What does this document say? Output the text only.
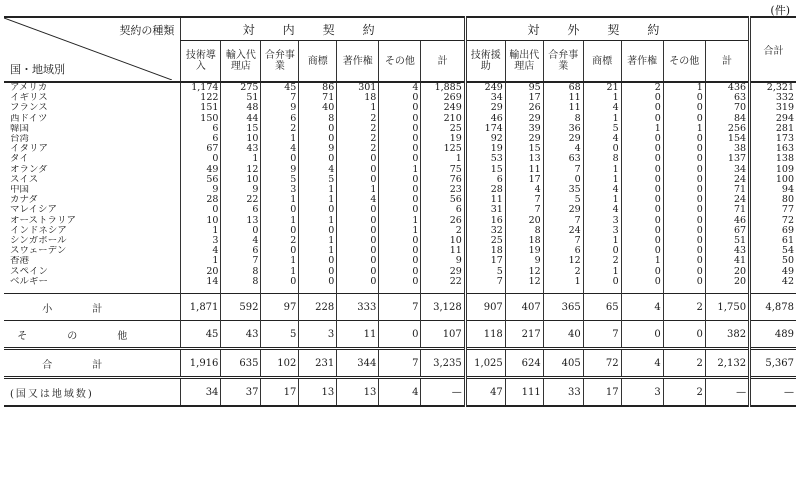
(件)
契約の種類
国・地域別	対内契約							対外契約							合計
	技術導入	輸入代理店	合弁事業	商標	著作権	その他	計	技術援助	輸出代理店	合弁事業	商標	著作権	その他	計	
アメリカ	1,174	275	45	86	301	4	1,885	249	95	68	21	2	1	436	2,321
イギリス	122	51	7	71	18	0	269	34	17	11	1	0	0	63	332
フランス	151	48	9	40	1	0	249	29	26	11	4	0	0	70	319
西ドイツ	150	44	6	8	2	0	210	46	29	8	1	0	0	84	294
韓国	6	15	2	0	2	0	25	174	39	36	5	1	1	256	281
台湾	6	10	1	0	2	0	19	92	29	29	4	0	0	154	173
イタリア	67	43	4	9	2	0	125	19	15	4	0	0	0	38	163
タイ	0	1	0	0	0	0	1	53	13	63	8	0	0	137	138
オランダ	49	12	9	4	0	1	75	15	11	7	1	0	0	34	109
スイス	56	10	5	5	0	0	76	6	17	0	1	0	0	24	100
中国	9	9	3	1	1	0	23	28	4	35	4	0	0	71	94
カナダ	28	22	1	1	4	0	56	11	7	5	1	0	0	24	80
マレイシア	0	6	0	0	0	0	6	31	7	29	4	0	0	71	77
オーストラリア	10	13	1	1	0	1	26	16	20	7	3	0	0	46	72
インドネシア	1	0	0	0	0	1	2	32	8	24	3	0	0	67	69
シンガポール	3	4	2	1	0	0	10	25	18	7	1	0	0	51	61
スウェーデン	4	6	0	1	0	0	11	18	19	6	0	0	0	43	54
香港	1	7	1	0	0	0	9	17	9	12	2	1	0	41	50
スペイン	20	8	1	0	0	0	29	5	12	2	1	0	0	20	49
ベルギー	14	8	0	0	0	0	22	7	12	1	0	0	0	20	42

小計	1,871	592	97	228	333	7	3,128	907	407	365	65	4	2	1,750	4,878
その他	45	43	5	3	11	0	107	118	217	40	7	0	0	382	489
合計	1,916	635	102	231	344	7	3,235	1,025	624	405	72	4	2	2,132	5,367
(国又は地域数)	34	37	17	13	13	4	—	47	111	33	17	3	2	—	—
